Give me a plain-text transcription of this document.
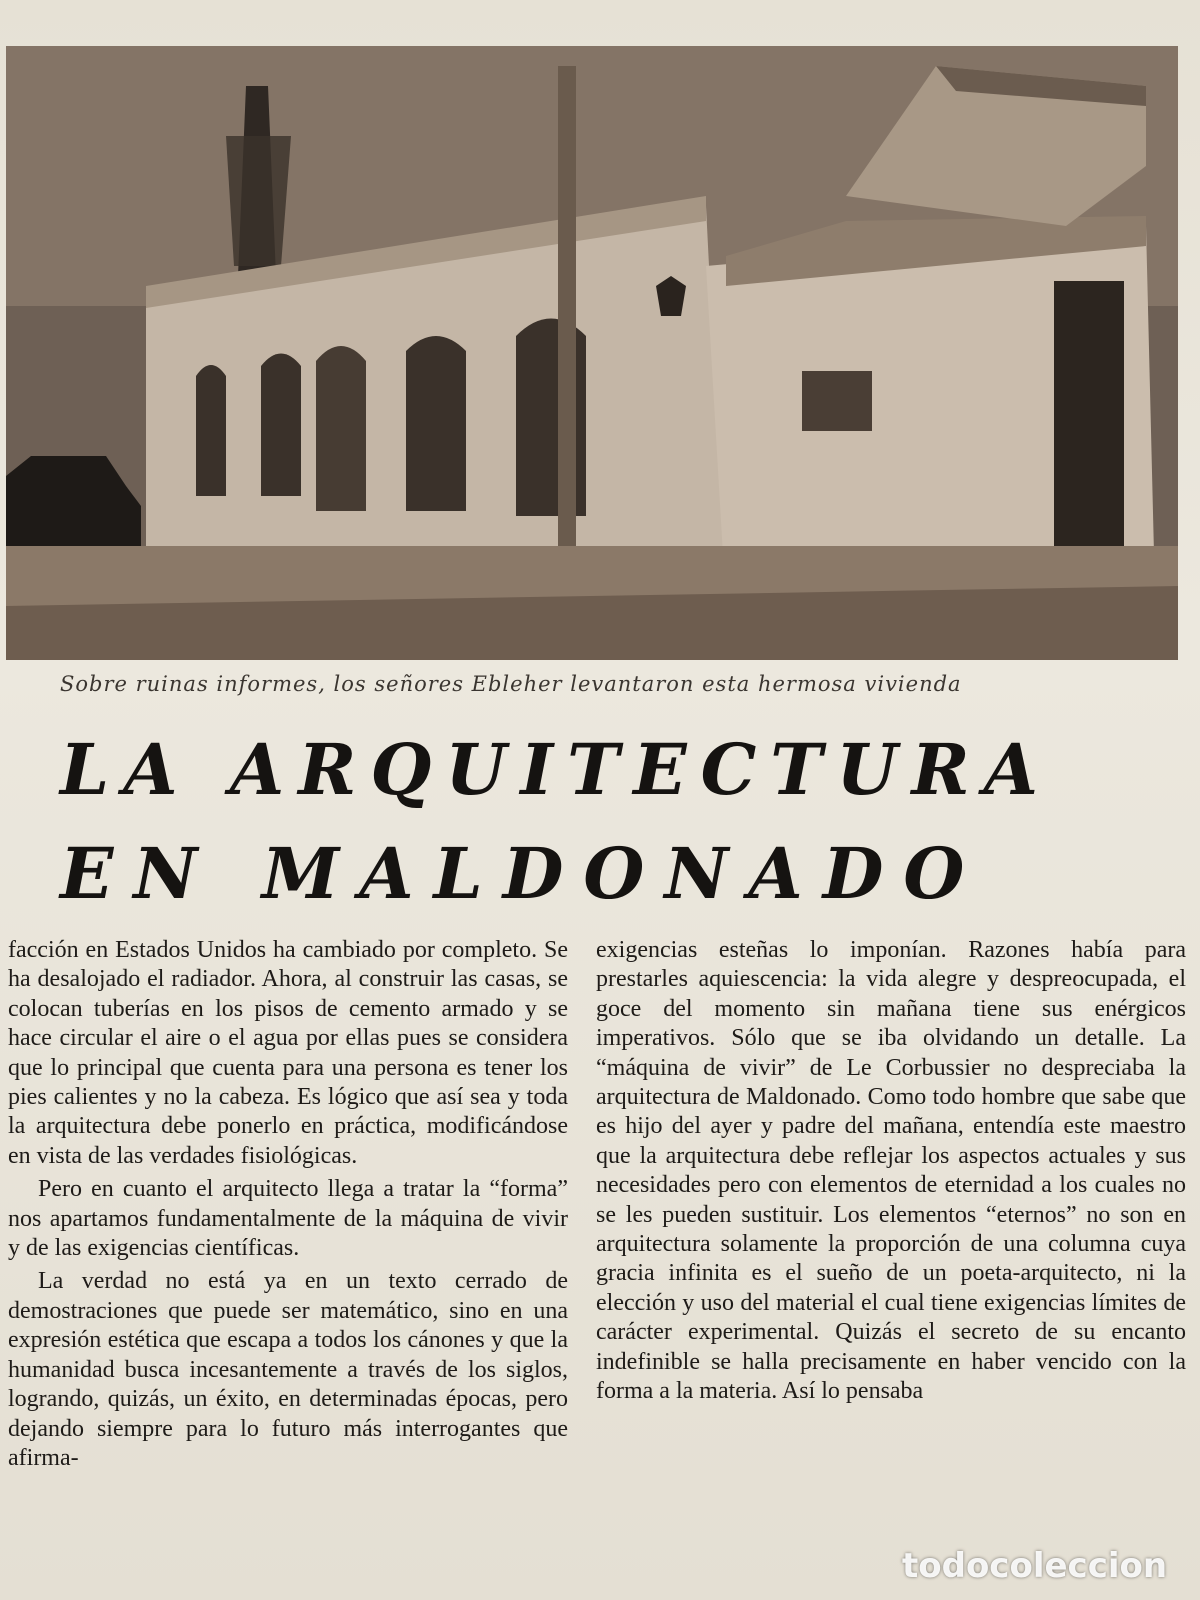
Sobre ruinas informes, los señores Ebleher levantaron esta hermosa vivienda
LA ARQUITECTURA
EN MALDONADO

facción en Estados Unidos ha cambiado por completo. Se ha desalojado el radiador. Ahora, al construir las casas, se colocan tuberías en los pisos de cemento armado y se hace circular el aire o el agua por ellas pues se considera que lo principal que cuenta para una persona es tener los pies calientes y no la cabeza. Es lógico que así sea y toda la arquitectura debe ponerlo en práctica, modificándose en vista de las verdades fisiológicas.

Pero en cuanto el arquitecto llega a tratar la “forma” nos apartamos fundamentalmente de la máquina de vivir y de las exigencias científicas.

La verdad no está ya en un texto cerrado de demostraciones que puede ser matemático, sino en una expresión estética que escapa a todos los cánones y que la humanidad busca incesantemente a través de los siglos, logrando, quizás, un éxito, en determinadas épocas, pero dejando siempre para lo futuro más interrogantes que afirma-

exigencias esteñas lo imponían. Razones había para prestarles aquiescencia: la vida alegre y despreocupada, el goce del momento sin mañana tiene sus enérgicos imperativos. Sólo que se iba olvidando un detalle. La “máquina de vivir” de Le Corbussier no despreciaba la arquitectura de Maldonado. Como todo hombre que sabe que es hijo del ayer y padre del mañana, entendía este maestro que la arquitectura debe reflejar los aspectos actuales y sus necesidades pero con elementos de eternidad a los cuales no se les pueden sustituir. Los elementos “eternos” no son en arquitectura solamente la proporción de una columna cuya gracia infinita es el sueño de un poeta-arquitecto, ni la elección y uso del material el cual tiene exigencias límites de carácter experimental. Quizás el secreto de su encanto indefinible se halla precisamente en haber vencido con la forma a la materia. Así lo pensaba

todocoleccion
